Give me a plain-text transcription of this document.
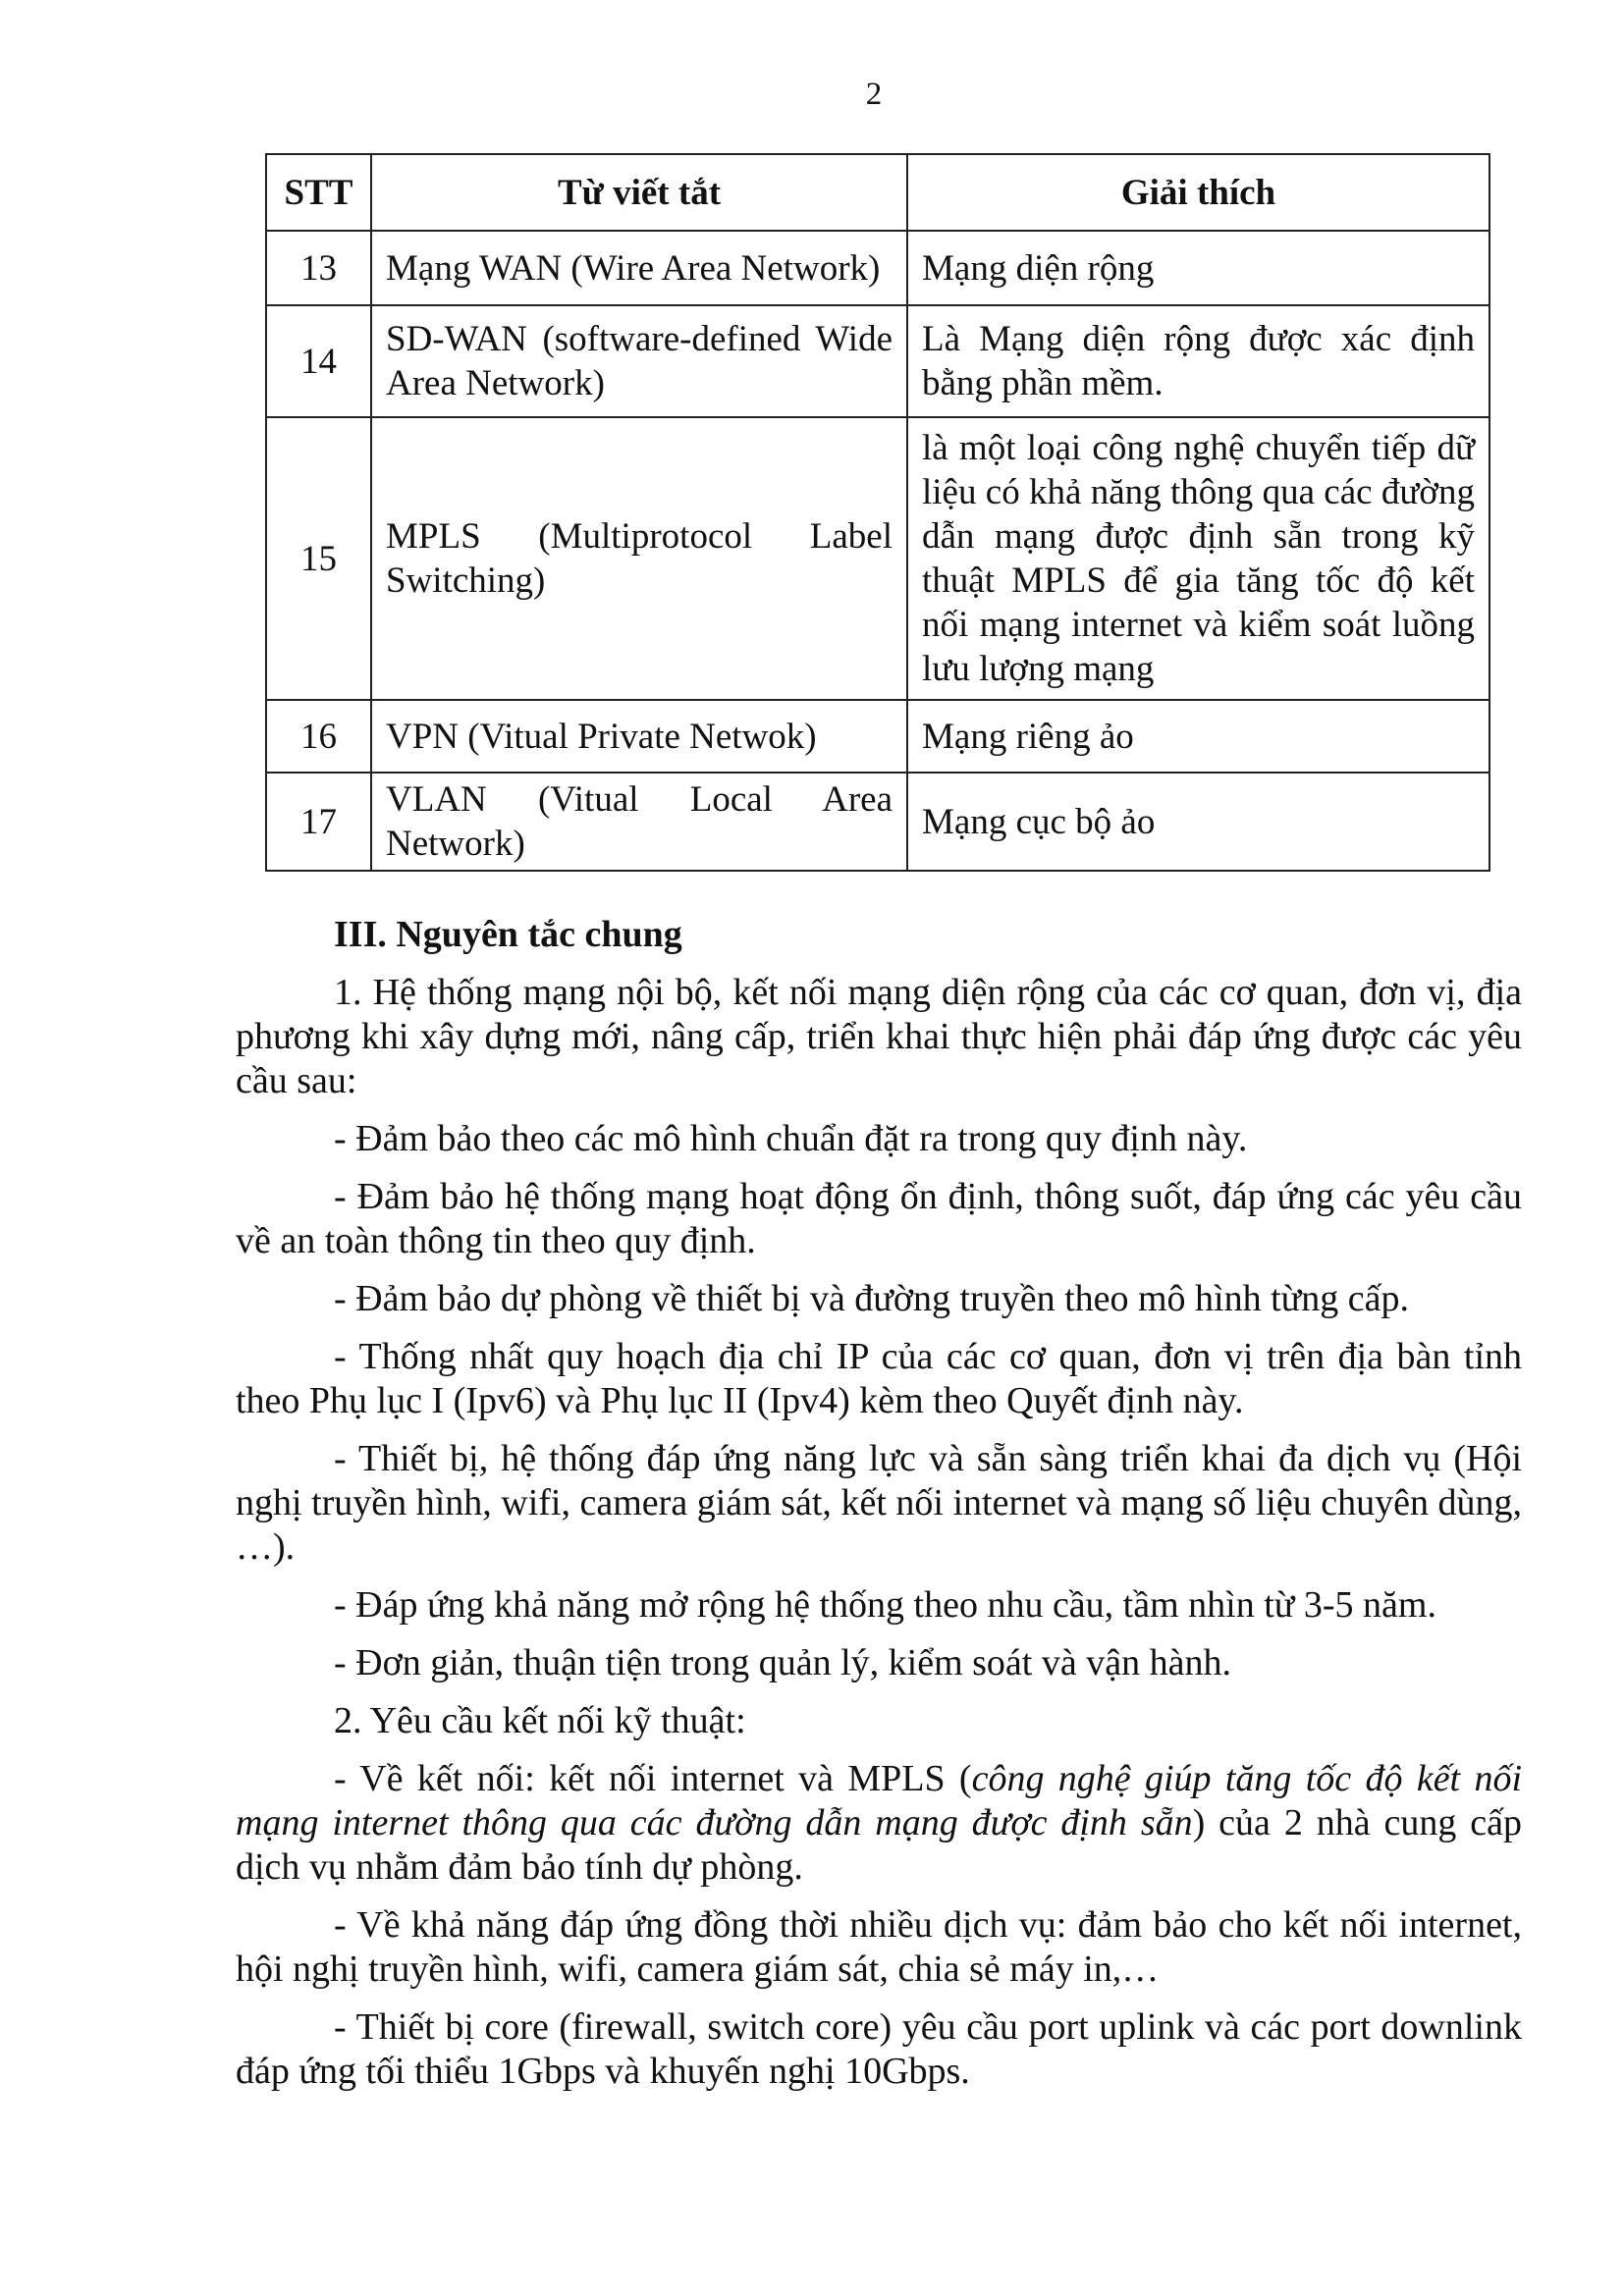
2
STT	Từ viết tắt	Giải thích
13	Mạng WAN (Wire Area Network)	Mạng diện rộng
14	SD-WAN (software-defined Wide Area Network)	Là Mạng diện rộng được xác định bằng phần mềm.
15	MPLS (Multiprotocol Label Switching)	là một loại công nghệ chuyển tiếp dữ liệu có khả năng thông qua các đường dẫn mạng được định sẵn trong kỹ thuật MPLS để gia tăng tốc độ kết nối mạng internet và kiểm soát luồng lưu lượng mạng
16	VPN (Vitual Private Netwok)	Mạng riêng ảo
17	VLAN (Vitual Local Area Network)	Mạng cục bộ ảo

III. Nguyên tắc chung

1. Hệ thống mạng nội bộ, kết nối mạng diện rộng của các cơ quan, đơn vị, địa phương khi xây dựng mới, nâng cấp, triển khai thực hiện phải đáp ứng được các yêu cầu sau:

- Đảm bảo theo các mô hình chuẩn đặt ra trong quy định này.

- Đảm bảo hệ thống mạng hoạt động ổn định, thông suốt, đáp ứng các yêu cầu về an toàn thông tin theo quy định.

- Đảm bảo dự phòng về thiết bị và đường truyền theo mô hình từng cấp.

- Thống nhất quy hoạch địa chỉ IP của các cơ quan, đơn vị trên địa bàn tỉnh theo Phụ lục I (Ipv6) và Phụ lục II (Ipv4) kèm theo Quyết định này.

- Thiết bị, hệ thống đáp ứng năng lực và sẵn sàng triển khai đa dịch vụ (Hội nghị truyền hình, wifi, camera giám sát, kết nối internet và mạng số liệu chuyên dùng, …).

- Đáp ứng khả năng mở rộng hệ thống theo nhu cầu, tầm nhìn từ 3-5 năm.

- Đơn giản, thuận tiện trong quản lý, kiểm soát và vận hành.

2. Yêu cầu kết nối kỹ thuật:

- Về kết nối: kết nối internet và MPLS (công nghệ giúp tăng tốc độ kết nối mạng internet thông qua các đường dẫn mạng được định sẵn) của 2 nhà cung cấp dịch vụ nhằm đảm bảo tính dự phòng.

- Về khả năng đáp ứng đồng thời nhiều dịch vụ: đảm bảo cho kết nối internet, hội nghị truyền hình, wifi, camera giám sát, chia sẻ máy in,…

- Thiết bị core (firewall, switch core) yêu cầu port uplink và các port downlink đáp ứng tối thiểu 1Gbps và khuyến nghị 10Gbps.
